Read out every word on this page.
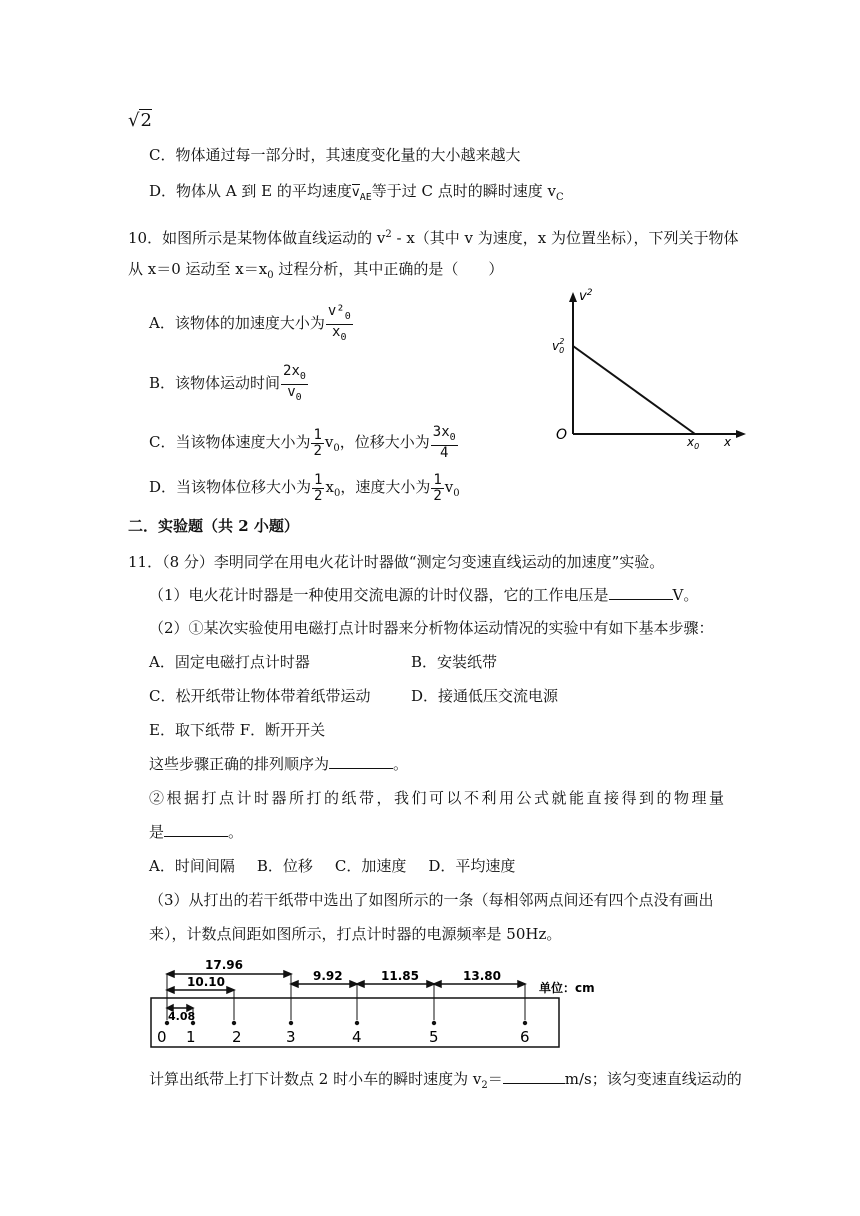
√2
C．物体通过每一部分时，其速度变化量的大小越来越大
D．物体从 A 到 E 的平均速度$v_{AE}$等于过 C 点时的瞬时速度 $v_C$
10．如图所示是某物体做直线运动的 $v^2 - x$（其中 v 为速度，x 为位置坐标），下列关于物体
从 x＝0 运动至 $x=x_0$ 过程分析，其中正确的是（　　）
A．该物体的加速度大小为 $\frac{v^2_0}{x_0}$
B．该物体运动时间 $\frac{2x_0}{v_0}$
C．当该物体速度大小为 $\frac{1}{2} v_0$，位移大小为 $\frac{3x_0}{4}$
D．当该物体位移大小为 $\frac{1}{2} x_0$，速度大小为 $\frac{1}{2} v_0$
$v^2$
$v_02$
O	$x_0$ x
二．实验题（共 2 小题）
11．（8 分）李明同学在用电火花计时器做“测定匀变速直线运动的加速度”实验。
（1）电火花计时器是一种使用交流电源的计时仪器，它的工作电压是	V。
（2）①某次实验使用电磁打点计时器来分析物体运动情况的实验中有如下基本步骤：
A．固定电磁打点计时器	B．安装纸带
C．松开纸带让物体带着纸带运动	D．接通低压交流电源
E．取下纸带 F．断开开关
这些步骤正确的排列顺序为	。
②根据打点计时器所打的纸带，我们可以不利用公式就能直接得到的物理量
是	。
A．时间间隔 B．位移 C．加速度 D．平均速度
（3）从打出的若干纸带中选出了如图所示的一条（每相邻两点间还有四个点没有画出
来），计数点间距如图所示，打点计时器的电源频率是 50Hz。
17.96
10.10
4.08
9.92	11.85	13.80
单位：cm
0 1 2	3	4	5	6
计算出纸带上打下计数点 2 时小车的瞬时速度为 $v_2=$	m/s；该匀变速直线运动的
